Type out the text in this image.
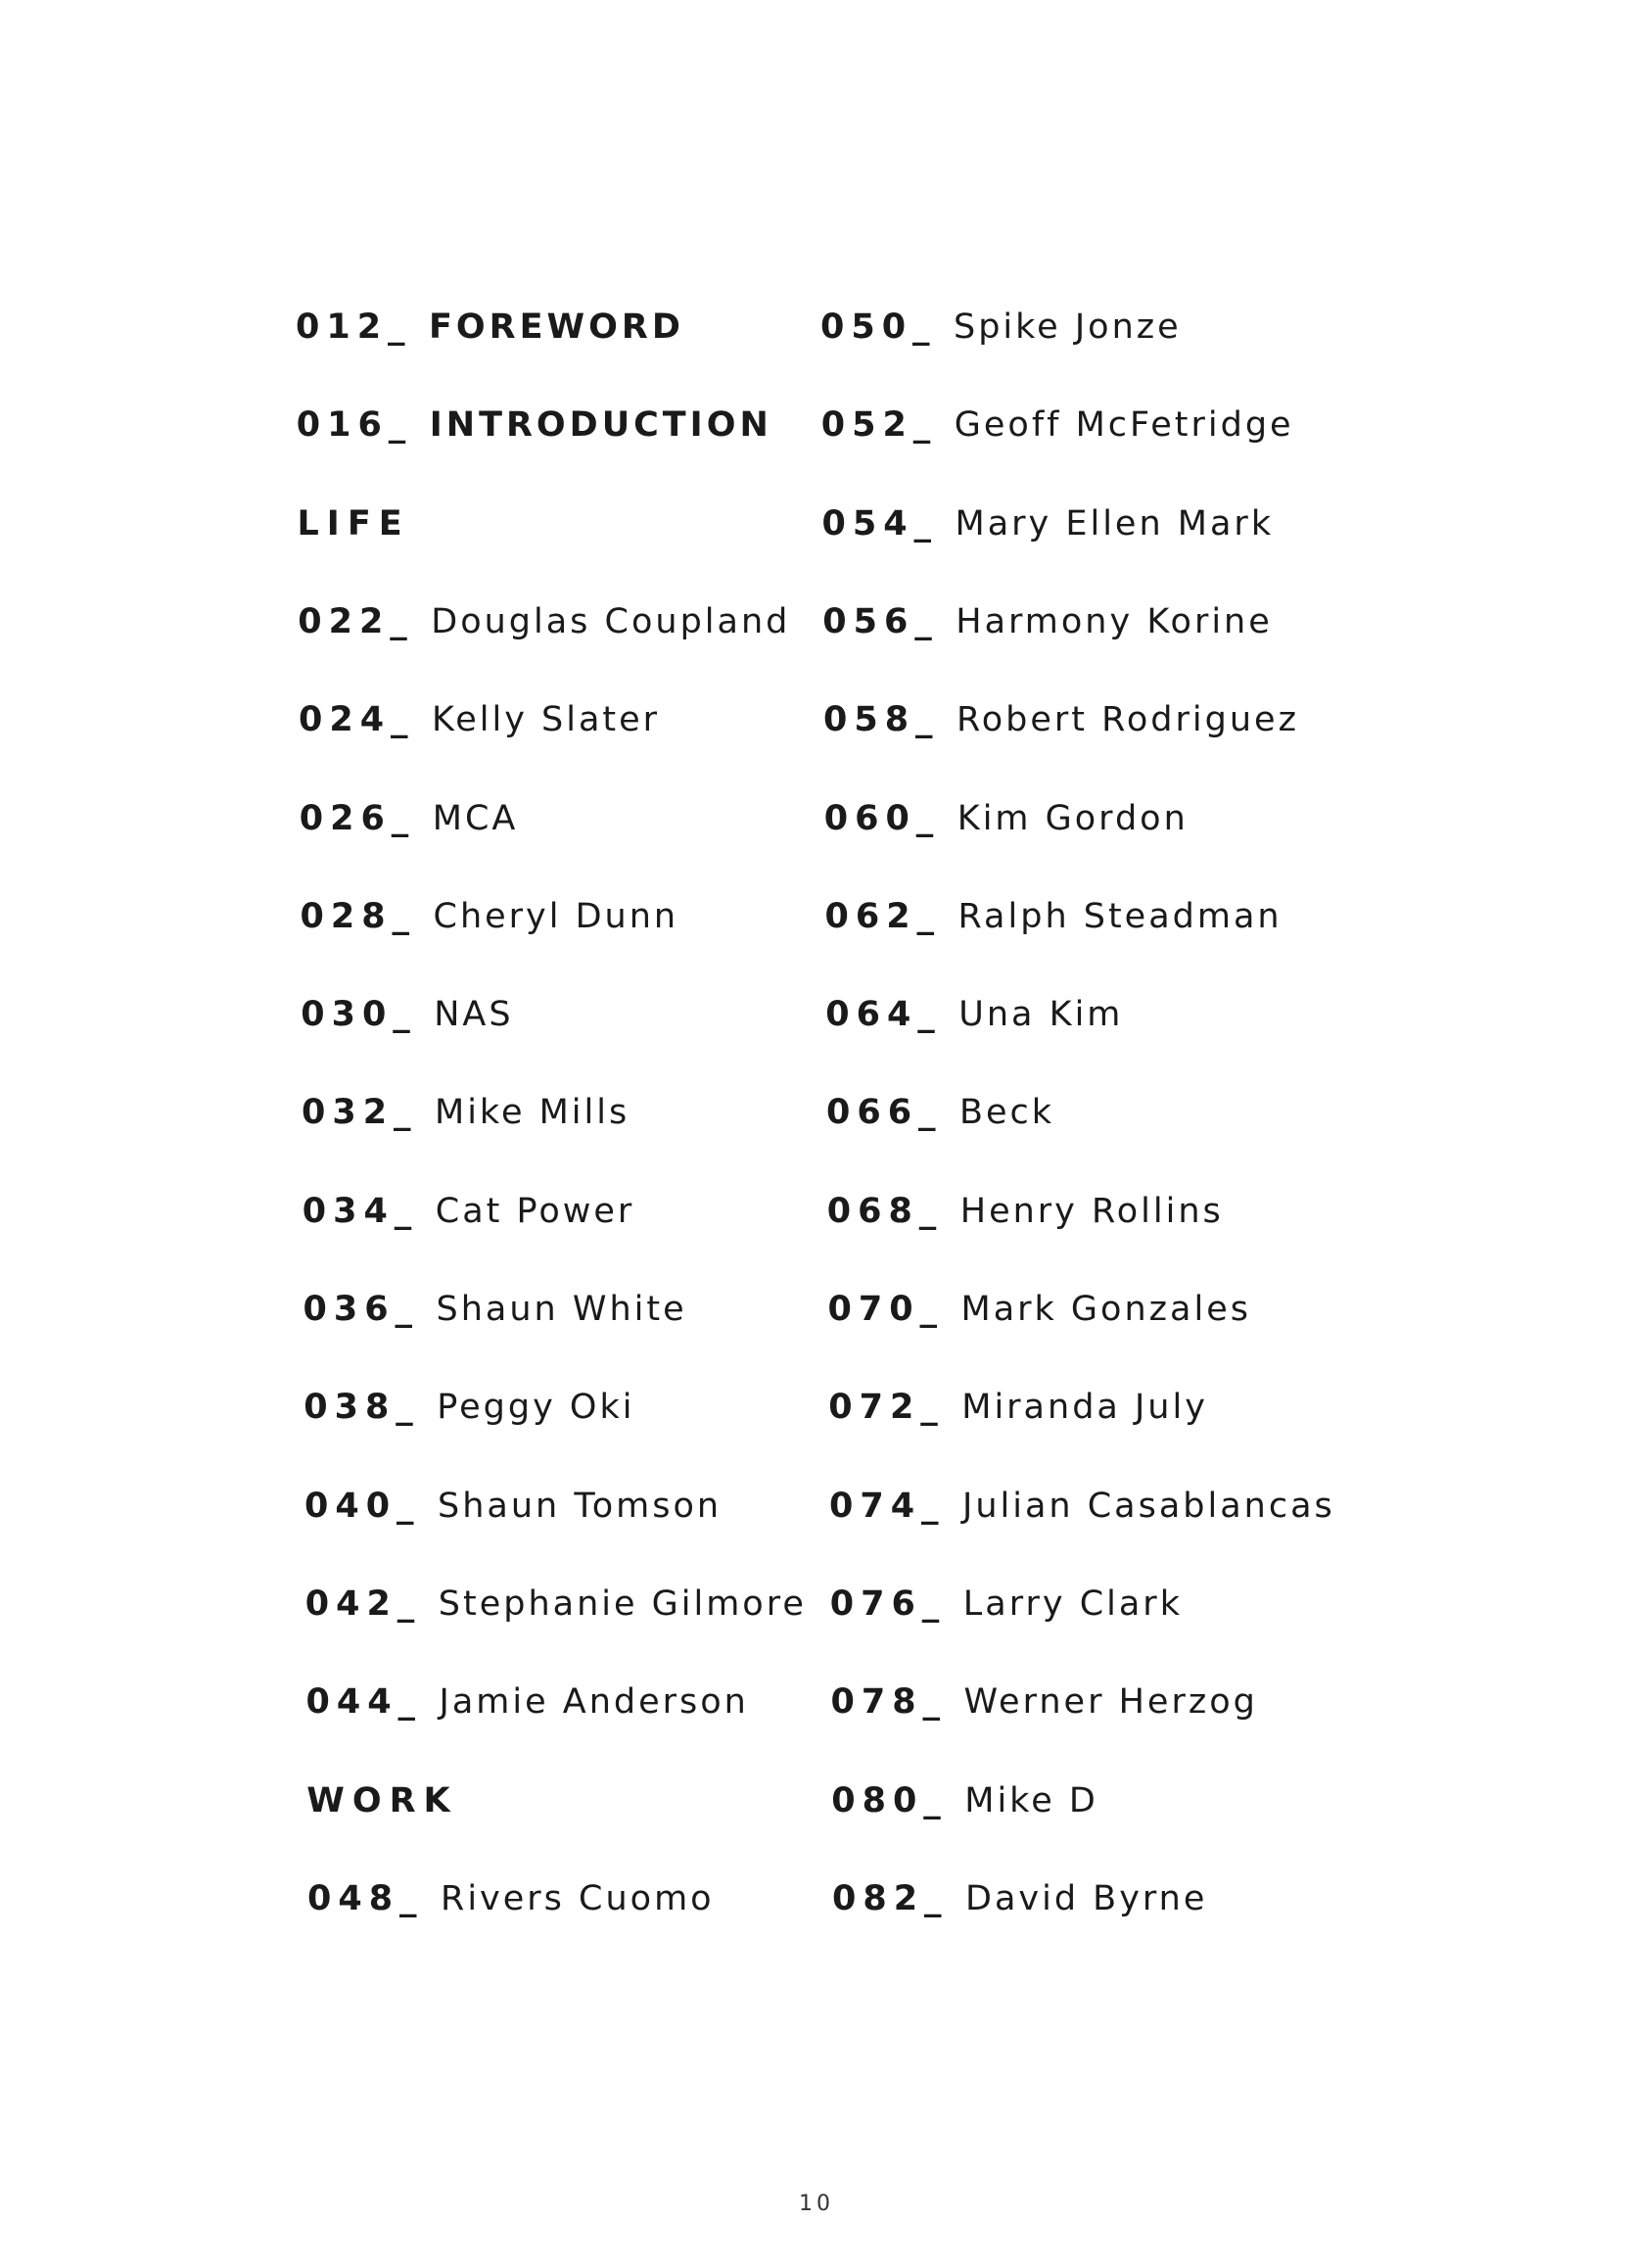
012_ FOREWORD
016_ INTRODUCTION
LIFE
022_ Douglas Coupland
024_ Kelly Slater
026_ MCA
028_ Cheryl Dunn
030_ NAS
032_ Mike Mills
034_ Cat Power
036_ Shaun White
038_ Peggy Oki
040_ Shaun Tomson
042_ Stephanie Gilmore
044_ Jamie Anderson
WORK
048_ Rivers Cuomo
050_ Spike Jonze
052_ Geoff McFetridge
054_ Mary Ellen Mark
056_ Harmony Korine
058_ Robert Rodriguez
060_ Kim Gordon
062_ Ralph Steadman
064_ Una Kim
066_ Beck
068_ Henry Rollins
070_ Mark Gonzales
072_ Miranda July
074_ Julian Casablancas
076_ Larry Clark
078_ Werner Herzog
080_ Mike D
082_ David Byrne
10
